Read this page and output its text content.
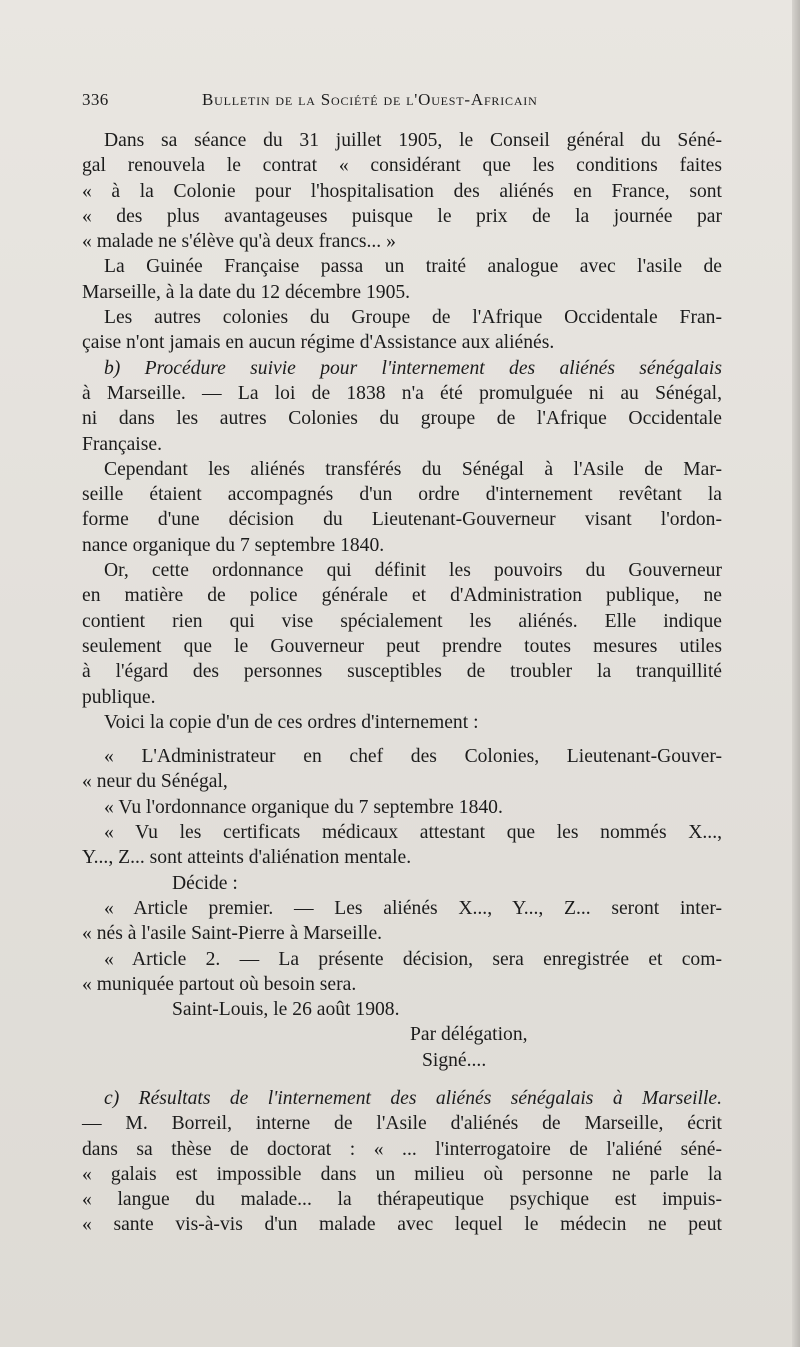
336	Bulletin de la Société de l'Ouest-Africain
Dans sa séance du 31 juillet 1905, le Conseil général du Séné-
gal renouvela le contrat « considérant que les conditions faites
« à la Colonie pour l'hospitalisation des aliénés en France, sont
« des plus avantageuses puisque le prix de la journée par
« malade ne s'élève qu'à deux francs... »
La Guinée Française passa un traité analogue avec l'asile de
Marseille, à la date du 12 décembre 1905.
Les autres colonies du Groupe de l'Afrique Occidentale Fran-
çaise n'ont jamais en aucun régime d'Assistance aux aliénés.
b) Procédure suivie pour l'internement des aliénés sénégalais
à Marseille. — La loi de 1838 n'a été promulguée ni au Sénégal,
ni dans les autres Colonies du groupe de l'Afrique Occidentale
Française.
Cependant les aliénés transférés du Sénégal à l'Asile de Mar-
seille étaient accompagnés d'un ordre d'internement revêtant la
forme d'une décision du Lieutenant-Gouverneur visant l'ordon-
nance organique du 7 septembre 1840.
Or, cette ordonnance qui définit les pouvoirs du Gouverneur
en matière de police générale et d'Administration publique, ne
contient rien qui vise spécialement les aliénés. Elle indique
seulement que le Gouverneur peut prendre toutes mesures utiles
à l'égard des personnes susceptibles de troubler la tranquillité
publique.
Voici la copie d'un de ces ordres d'internement :
« L'Administrateur en chef des Colonies, Lieutenant-Gouver-
« neur du Sénégal,
« Vu l'ordonnance organique du 7 septembre 1840.
« Vu les certificats médicaux attestant que les nommés X...,
Y..., Z... sont atteints d'aliénation mentale.
Décide :
« Article premier. — Les aliénés X..., Y..., Z... seront inter-
« nés à l'asile Saint-Pierre à Marseille.
« Article 2. — La présente décision, sera enregistrée et com-
« muniquée partout où besoin sera.
Saint-Louis, le 26 août 1908.
Par délégation,
Signé....
c) Résultats de l'internement des aliénés sénégalais à Marseille.
— M. Borreil, interne de l'Asile d'aliénés de Marseille, écrit
dans sa thèse de doctorat : « ... l'interrogatoire de l'aliéné séné-
« galais est impossible dans un milieu où personne ne parle la
« langue du malade... la thérapeutique psychique est impuis-
« sante vis-à-vis d'un malade avec lequel le médecin ne peut
